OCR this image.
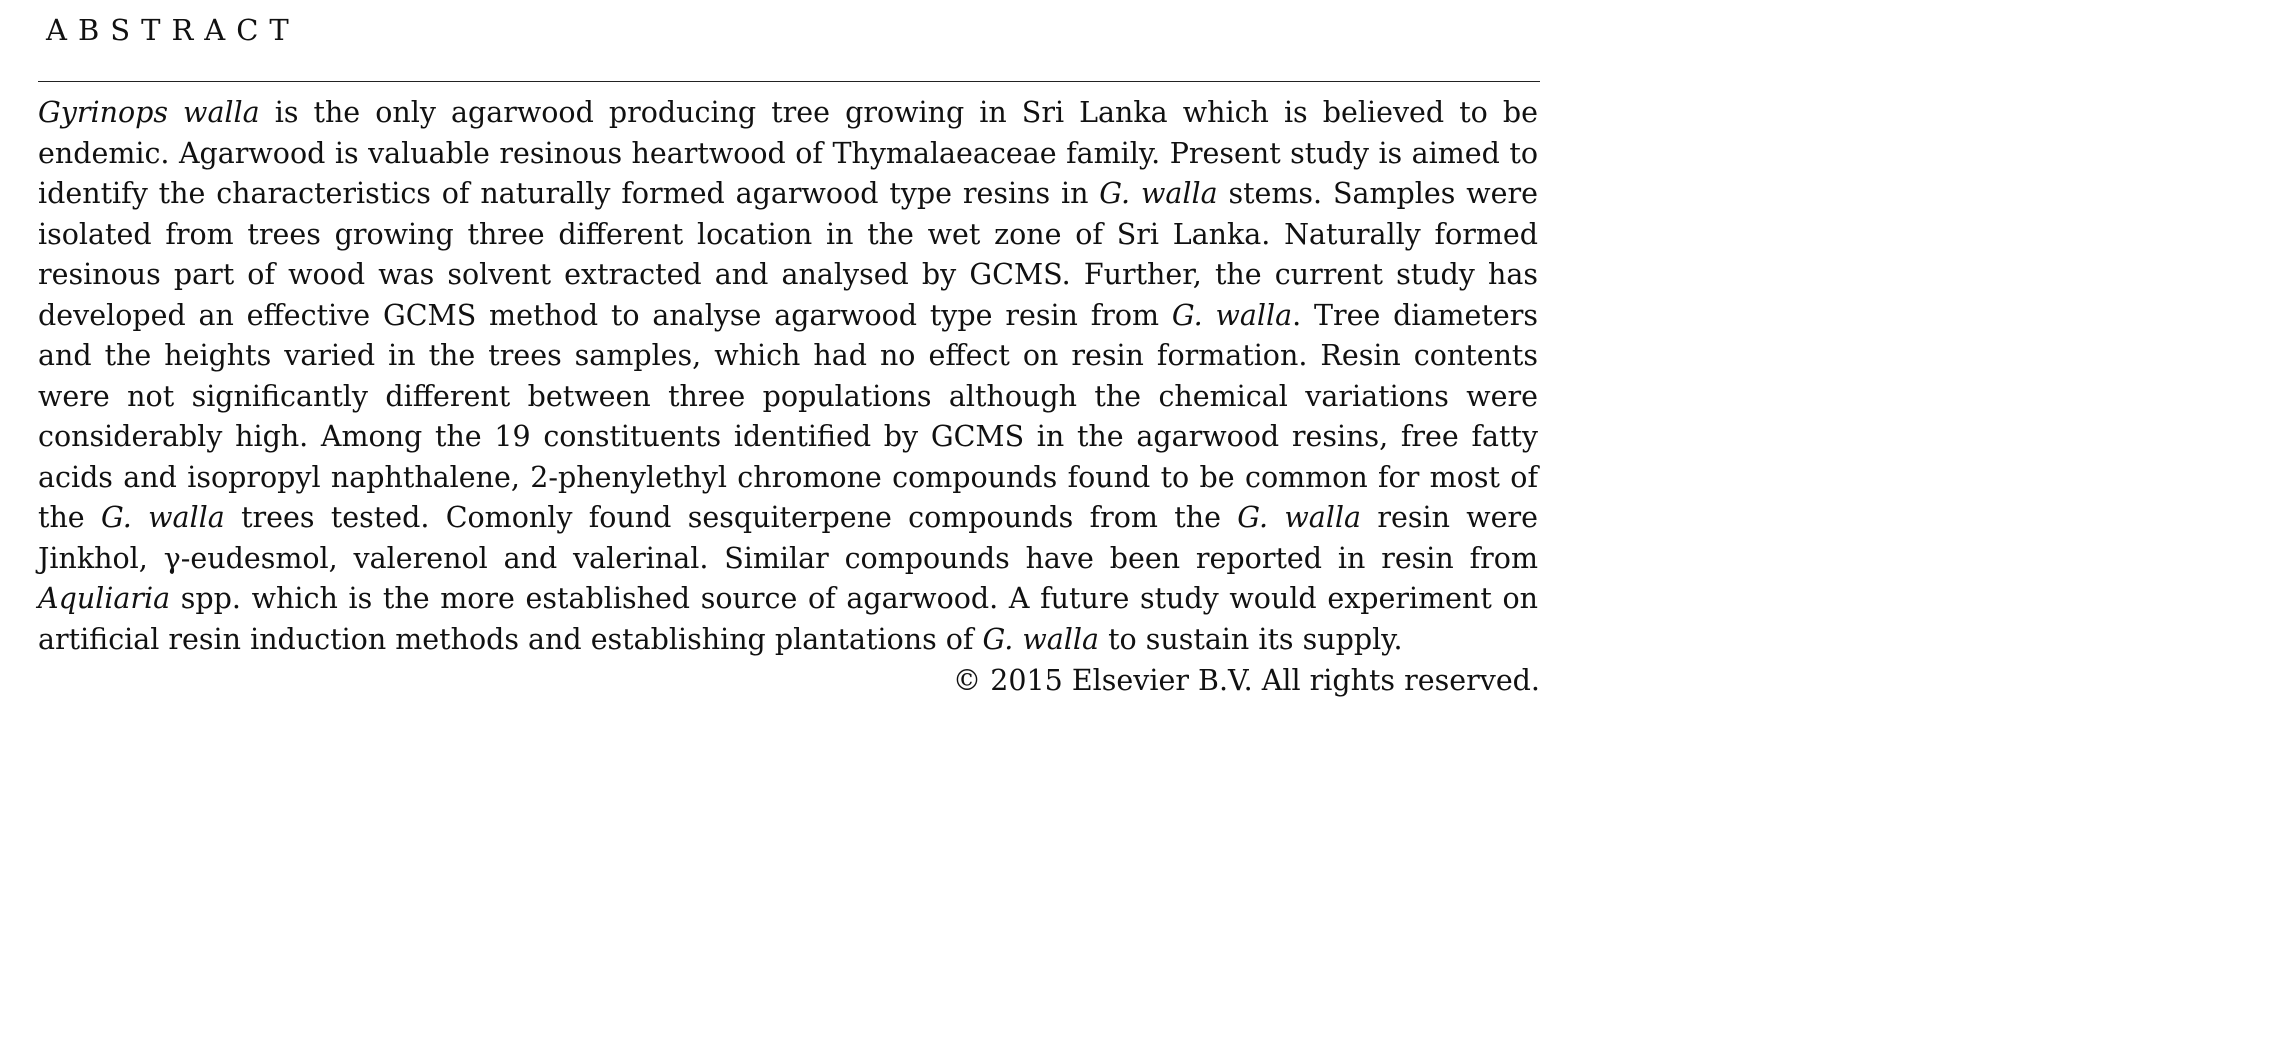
ABSTRACT

Gyrinops walla is the only agarwood producing tree growing in Sri Lanka which is believed to be endemic. Agarwood is valuable resinous heartwood of Thymalaeaceae family. Present study is aimed to identify the characteristics of naturally formed agarwood type resins in G. walla stems. Samples were isolated from trees growing three different location in the wet zone of Sri Lanka. Naturally formed resinous part of wood was solvent extracted and analysed by GCMS. Further, the current study has developed an effective GCMS method to analyse agarwood type resin from G. walla. Tree diameters and the heights varied in the trees samples, which had no effect on resin formation. Resin contents were not significantly different between three populations although the chemical variations were considerably high. Among the 19 constituents identified by GCMS in the agarwood resins, free fatty acids and isopropyl naphthalene, 2-phenylethyl chromone compounds found to be common for most of the G. walla trees tested. Comonly found sesquiterpene compounds from the G. walla resin were Jinkhol, γ-eudesmol, valerenol and valerinal. Similar compounds have been reported in resin from Aquliaria spp. which is the more established source of agarwood. A future study would experiment on artificial resin induction methods and establishing plantations of G. walla to sustain its supply.

© 2015 Elsevier B.V. All rights reserved.
